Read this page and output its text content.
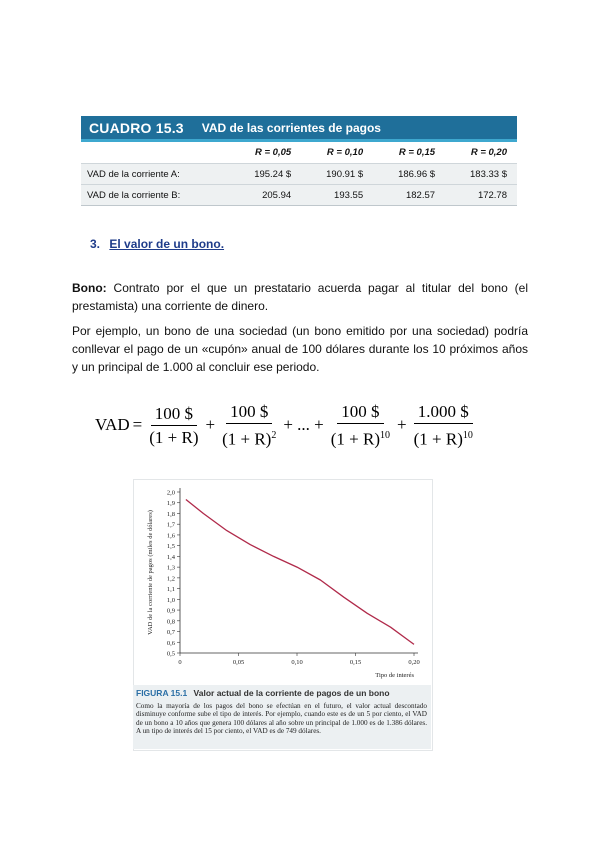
CUADRO 15.3 VAD de las corrientes de pagos
	R = 0,05	R = 0,10	R = 0,15	R = 0,20
VAD de la corriente A:	195.24 $	190.91 $	186.96 $	183.33 $
VAD de la corriente B:	205.94	193.55	182.57	172.78
3. El valor de un bono.

Bono: Contrato por el que un prestatario acuerda pagar al titular del bono (el prestamista) una corriente de dinero.

Por ejemplo, un bono de una sociedad (un bono emitido por una sociedad) podría conllevar el pago de un «cupón» anual de 100 dólares durante los 10 próximos años y un principal de 1.000 al concluir ese periodo.

VAD = $\frac{100 \$}{(1 + R)} + \frac{100 \$}{(1 + R)^2}$ + ... + $\frac{100 \$}{(1 + R)^{10}} + \frac{1.000 \$}{(1 + R)^{10}}$
0,5
0,6
0,7
0,8
0,9
1,0
1,1
1,2
1,3
1,4
1,5
1,6
1,7
1,8
1,9
2,0
0	0,05	0,10	0,15	0,20
Tipo de interés
VAD de la corriente de pagos (miles de dólares)
FIGURA 15.1 Valor actual de la corriente de pagos de un bono
Como la mayoría de los pagos del bono se efectúan en el futuro, el valor actual descontado disminuye conforme sube el tipo de interés. Por ejemplo, cuando este es de un 5 por ciento, el VAD de un bono a 10 años que genera 100 dólares al año sobre un principal de 1.000 es de 1.386 dólares. A un tipo de interés del 15 por ciento, el VAD es de 749 dólares.
